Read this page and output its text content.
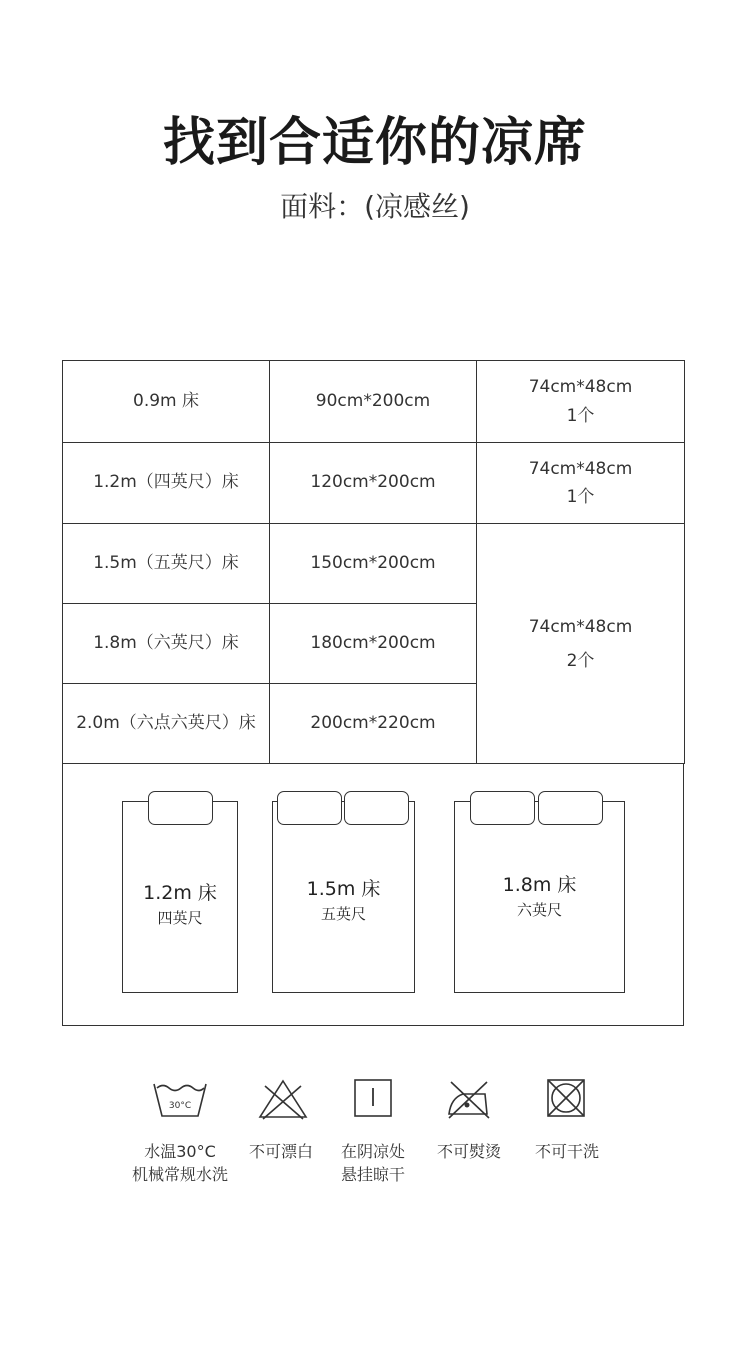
找到合适你的凉席
面料：(凉感丝)
0.9m 床	90cm*200cm	74cm*48cm
1个
1.2m（四英尺）床	120cm*200cm	74cm*48cm
1个
1.5m（五英尺）床	150cm*200cm	74cm*48cm
2个
1.8m（六英尺）床	180cm*200cm	
2.0m（六点六英尺）床	200cm*220cm	
1.2m 床
四英尺
1.5m 床
五英尺
1.8m 床
六英尺
30°C
水温30°C
机械常规水洗
不可漂白	在阴凉处
悬挂晾干
不可熨烫	不可干洗
